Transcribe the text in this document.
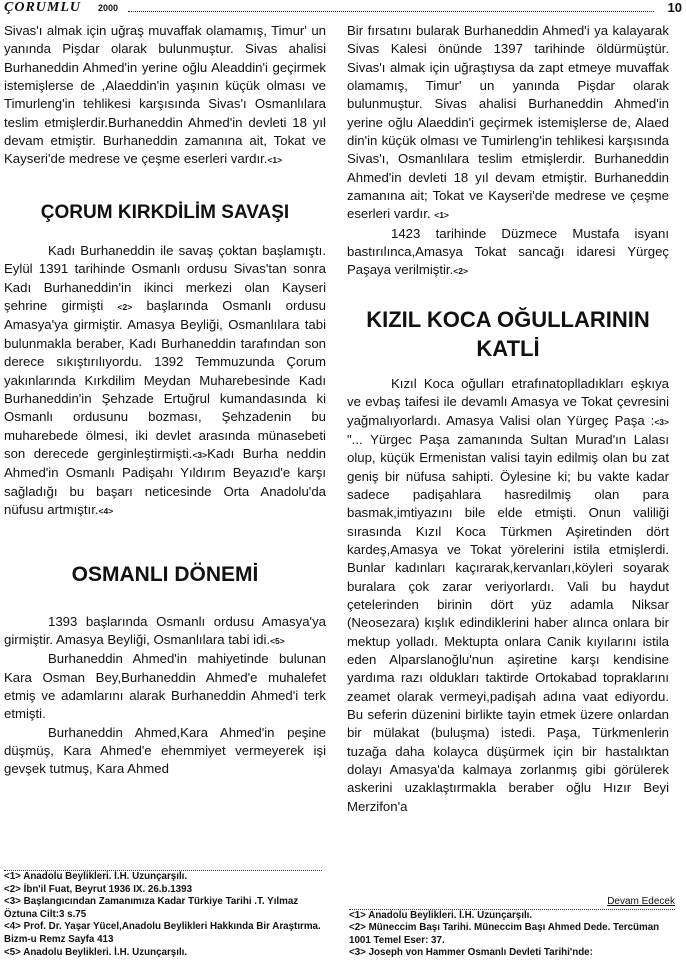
ÇORUMLU 2000	10

Sivas'ı almak için uğraş muvaffak olamamış, Timur' un yanında Pişdar olarak bulunmuştur. Sivas ahalisi Burhaneddin Ahmed'in yerine oğlu Aleaddin'i geçirmek istemişlerse de ,Alaeddin'in yaşının küçük olması ve Timurleng'in tehlikesi karşısında Sivas'ı Osmanlılara teslim etmişlerdir.Burhaneddin Ahmed'in devleti 18 yıl devam etmiştir. Burhaneddin zamanına ait, Tokat ve Kayseri'de medrese ve çeşme eserleri vardır.<1>

ÇORUM KIRKDİLİM SAVAŞI

Kadı Burhaneddin ile savaş çoktan başlamıştı. Eylül 1391 tarihinde Osmanlı ordusu Sivas'tan sonra Kadı Burhaneddin'in ikinci merkezi olan Kayseri şehrine girmişti <2> başlarında Osmanlı ordusu Amasya'ya girmiştir. Amasya Beyliği, Osmanlılara tabi bulunmakla beraber, Kadı Burhaneddin tarafından son derece sıkıştırılıyordu. 1392 Temmuzunda Çorum yakınlarında Kırkdilim Meydan Muharebesinde Kadı Burhaneddin'in Şehzade Ertuğrul kumandasında ki Osmanlı ordusunu bozması, Şehzadenin bu muharebede ölmesi, iki devlet arasında münasebeti son derecede gerginleştirmişti.<3>Kadı Burha neddin Ahmed'in Osmanlı Padişahı Yıldırım Beyazıd'e karşı sağladığı bu başarı neticesinde Orta Anadolu'da nüfusu artmıştır.<4>

OSMANLI DÖNEMİ

1393 başlarında Osmanlı ordusu Amasya'ya girmiştir. Amasya Beyliği, Osmanlılara tabi idi.<5>

Burhaneddin Ahmed'in mahiyetinde bulunan Kara Osman Bey,Burhaneddin Ahmed'e muhalefet etmiş ve adamlarını alarak Burhaneddin Ahmed'i terk etmişti.

Burhaneddin Ahmed,Kara Ahmed'in peşine düşmüş, Kara Ahmed'e ehemmiyet vermeyerek işi gevşek tutmuş, Kara Ahmed

<1> Anadolu Beylikleri. İ.H. Uzunçarşılı.
<2> İbn'il Fuat, Beyrut 1936 IX. 26.b.1393
<3> Başlangıcından Zamanımıza Kadar Türkiye Tarihi .T. Yılmaz Öztuna Cilt:3 s.75
<4> Prof. Dr. Yaşar Yücel,Anadolu Beylikleri Hakkında Bir Araştırma. Bizm-u Remz Sayfa 413
<5> Anadolu Beylikleri. İ.H. Uzunçarşılı.

Bir fırsatını bularak Burhaneddin Ahmed'i ya kalayarak Sivas Kalesi önünde 1397 tarihinde öldürmüştür. Sivas'ı almak için uğraştıysa da zapt etmeye muvaffak olamamış, Timur' un yanında Pişdar olarak bulunmuştur. Sivas ahalisi Burhaneddin Ahmed'in yerine oğlu Alaeddin'i geçirmek istemişlerse de, Alaed din'in küçük olması ve Tumirleng'in tehlikesi karşısında Sivas'ı, Osmanlılara teslim etmişlerdir. Burhaneddin Ahmed'in devleti 18 yıl devam etmiştir. Burhaneddin zamanına ait; Tokat ve Kayseri'de medrese ve çeşme eserleri vardır. <1>

1423 tarihinde Düzmece Mustafa isyanı bastırılınca,Amasya Tokat sancağı idaresi Yürgeç Paşaya verilmiştir.<2>

KIZIL KOCA OĞULLARININ KATLİ

Kızıl Koca oğulları etrafınatoplladıkları eşkıya ve evbaş taifesi ile devamlı Amasya ve Tokat çevresini yağmalıyorlardı. Amasya Valisi olan Yürgeç Paşa :<3> "... Yürgec Paşa zamanında Sultan Murad'ın Lalası olup, küçük Ermenistan valisi tayin edilmiş olan bu zat geniş bir nüfusa sahipti. Öylesine ki; bu vakte kadar sadece padişahlara hasredilmiş olan para basmak,imtiyazını bile elde etmişti. Onun valiliği sırasında Kızıl Koca Türkmen Aşiretinden dört kardeş,Amasya ve Tokat yörelerini istila etmişlerdi. Bunlar kadınları kaçırarak,kervanları,köyleri soyarak buralara çok zarar veriyorlardı. Vali bu haydut çetelerinden birinin dört yüz adamla Niksar (Neosezara) kışlık edindiklerini haber alınca onlara bir mektup yolladı. Mektupta onlara Canik kıyılarını istila eden Alparslanoğlu'nun aşiretine karşı kendisine yardıma razı oldukları taktirde Ortokabad topraklarını zeamet olarak vermeyi,padişah adına vaat ediyordu. Bu seferin düzenini birlikte tayin etmek üzere onlardan bir mülakat (buluşma) istedi. Paşa, Türkmenlerin tuzağa daha kolayca düşürmek için bir hastalıktan dolayı Amasya'da kalmaya zorlanmış gibi görülerek askerini uzaklaştırmakla beraber oğlu Hızır Beyi Merzifon'a

Devam Edecek
<1> Anadolu Beylikleri. İ.H. Uzunçarşılı.
<2> Müneccim Başı Tarihi. Müneccim Başı Ahmed Dede. Tercüman 1001 Temel Eser: 37.
<3> Joseph von Hammer Osmanlı Devleti Tarihi'nde:
